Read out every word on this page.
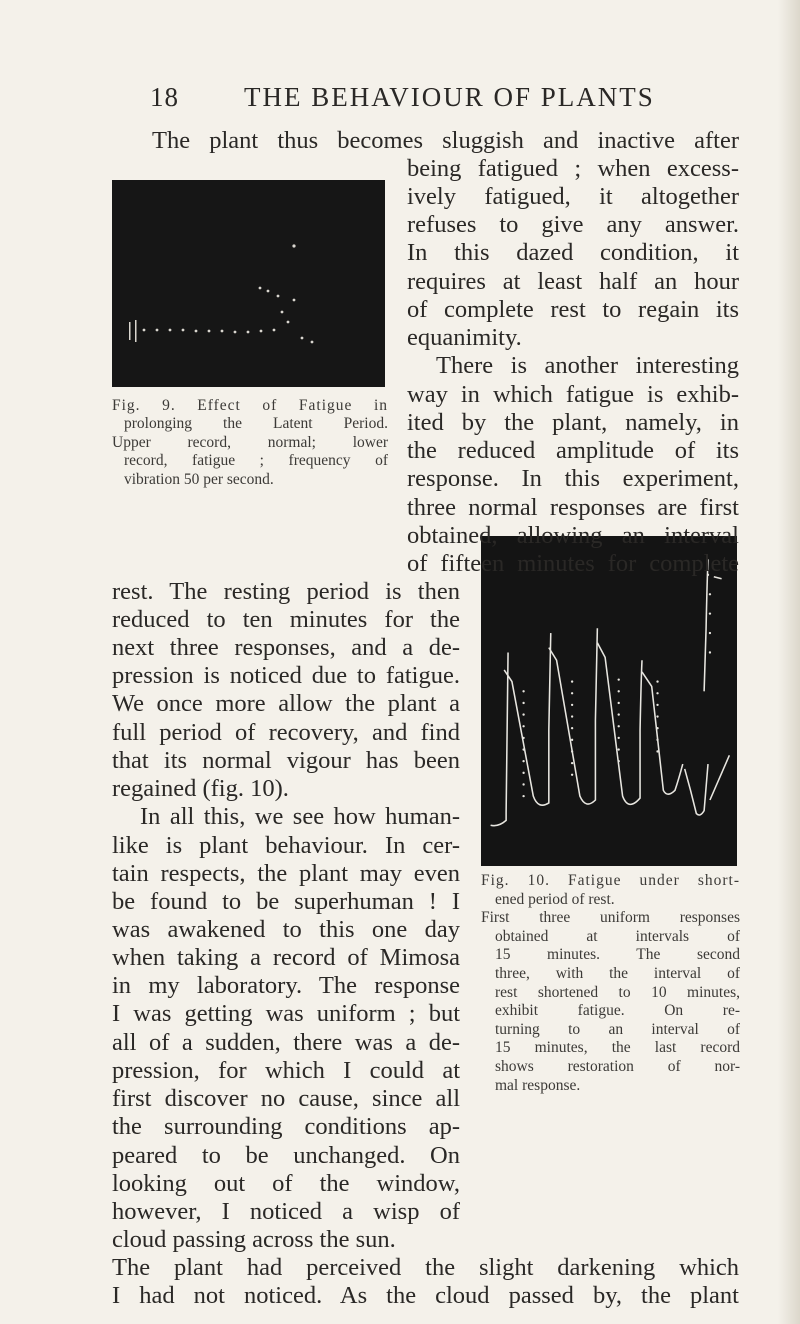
18 THE BEHAVIOUR OF PLANTS
The plant thus becomes sluggish and inactive after
being fatigued ; when excess-
ively fatigued, it altogether
refuses to give any answer.
In this dazed condition, it
requires at least half an hour
of complete rest to regain its
equanimity.
There is another interesting
way in which fatigue is exhib-
ited by the plant, namely, in
the reduced amplitude of its
response. In this experiment,
three normal responses are first
obtained, allowing an interval
of fifteen minutes for complete
Fig. 9. Effect of Fatigue in
prolonging the Latent Period.
Upper record, normal; lower
record, fatigue ; frequency of
vibration 50 per second.
rest. The resting period is then
reduced to ten minutes for the
next three responses, and a de-
pression is noticed due to fatigue.
We once more allow the plant a
full period of recovery, and find
that its normal vigour has been
regained (fig. 10).
In all this, we see how human-
like is plant behaviour. In cer-
tain respects, the plant may even
be found to be superhuman ! I
was awakened to this one day
when taking a record of Mimosa
in my laboratory. The response
I was getting was uniform ; but
all of a sudden, there was a de-
pression, for which I could at
first discover no cause, since all
the surrounding conditions ap-
peared to be unchanged. On
looking out of the window,
however, I noticed a wisp of
cloud passing across the sun.
Fig. 10. Fatigue under short-
ened period of rest.
First three uniform responses
obtained at intervals of
15 minutes. The second
three, with the interval of
rest shortened to 10 minutes,
exhibit fatigue. On re-
turning to an interval of
15 minutes, the last record
shows restoration of nor-
mal response.
The plant had perceived the slight darkening which
I had not noticed. As the cloud passed by, the plant
